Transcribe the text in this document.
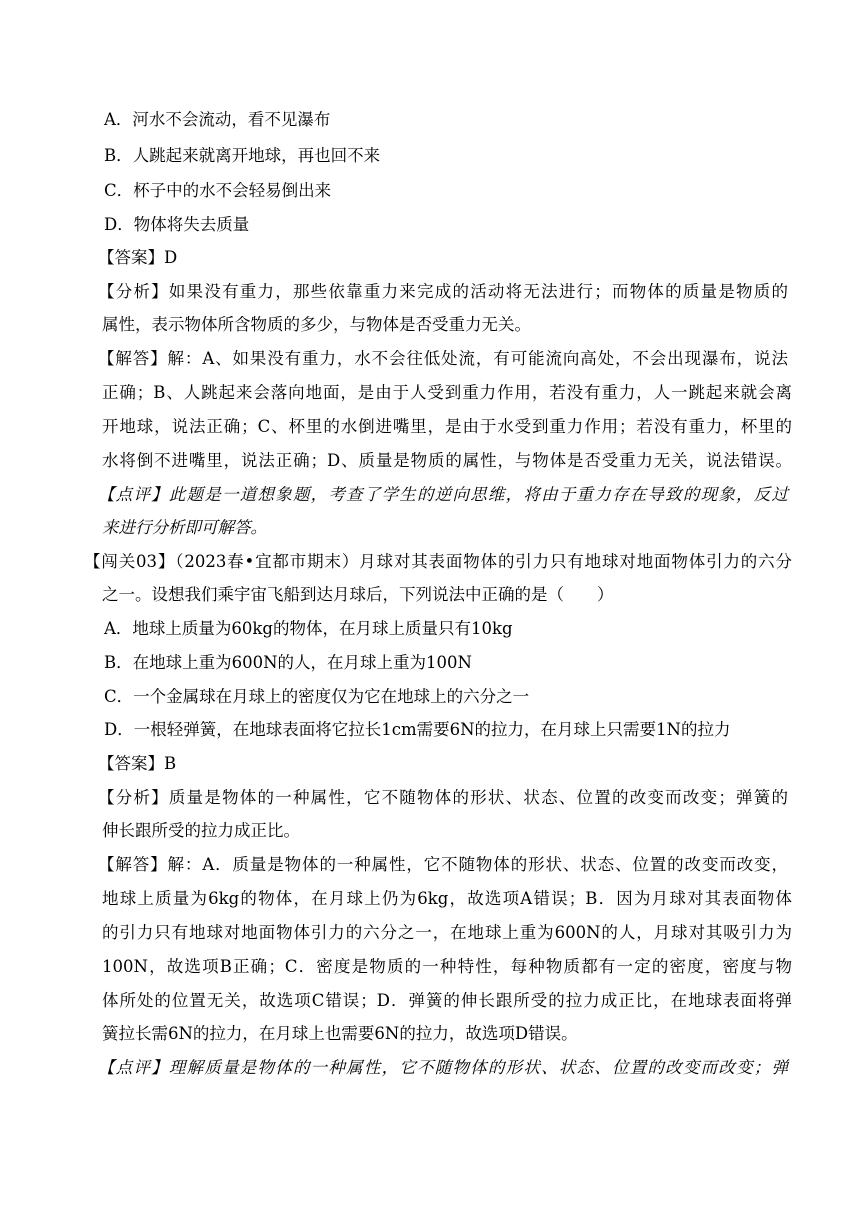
A．河水不会流动，看不见瀑布
B．人跳起来就离开地球，再也回不来
C．杯子中的水不会轻易倒出来
D．物体将失去质量
【答案】D
【分析】如果没有重力，那些依靠重力来完成的活动将无法进行；而物体的质量是物质的
属性，表示物体所含物质的多少，与物体是否受重力无关。
【解答】解：A、如果没有重力，水不会往低处流，有可能流向高处，不会出现瀑布，说法
正确；B、人跳起来会落向地面，是由于人受到重力作用，若没有重力，人一跳起来就会离
开地球，说法正确；C、杯里的水倒进嘴里，是由于水受到重力作用；若没有重力，杯里的
水将倒不进嘴里，说法正确；D、质量是物质的属性，与物体是否受重力无关，说法错误。
【点评】此题是一道想象题，考查了学生的逆向思维，将由于重力存在导致的现象，反过
来进行分析即可解答。
【闯关03】（2023春•宜都市期末）月球对其表面物体的引力只有地球对地面物体引力的六分
之一。设想我们乘宇宙飞船到达月球后，下列说法中正确的是（　　）
A．地球上质量为60kg的物体，在月球上质量只有10kg
B．在地球上重为600N的人，在月球上重为100N
C．一个金属球在月球上的密度仅为它在地球上的六分之一
D．一根轻弹簧，在地球表面将它拉长1cm需要6N的拉力，在月球上只需要1N的拉力
【答案】B
【分析】质量是物体的一种属性，它不随物体的形状、状态、位置的改变而改变；弹簧的
伸长跟所受的拉力成正比。
【解答】解：A．质量是物体的一种属性，它不随物体的形状、状态、位置的改变而改变，
地球上质量为6kg的物体，在月球上仍为6kg，故选项A错误；B．因为月球对其表面物体
的引力只有地球对地面物体引力的六分之一，在地球上重为600N的人，月球对其吸引力为
100N，故选项B正确；C．密度是物质的一种特性，每种物质都有一定的密度，密度与物
体所处的位置无关，故选项C错误；D．弹簧的伸长跟所受的拉力成正比，在地球表面将弹
簧拉长需6N的拉力，在月球上也需要6N的拉力，故选项D错误。
【点评】理解质量是物体的一种属性，它不随物体的形状、状态、位置的改变而改变；弹
